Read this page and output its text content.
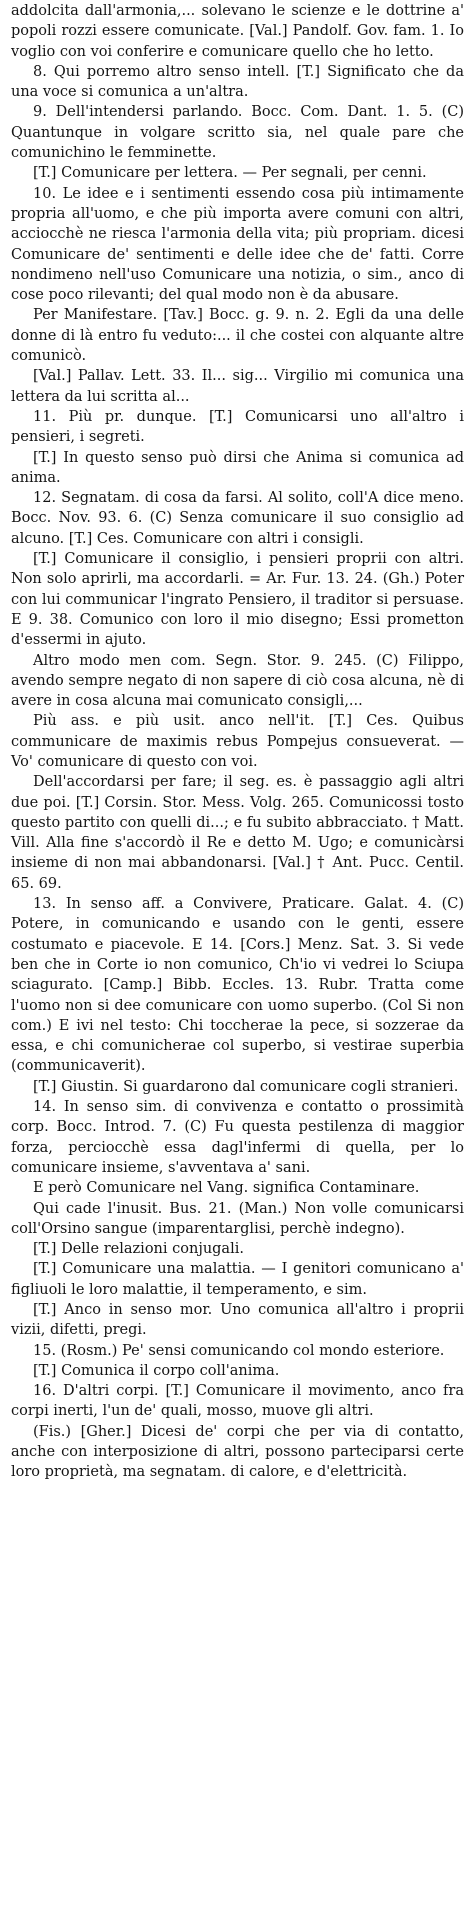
addolcita dall'armonia,... solevano le scienze e le dottrine a' popoli rozzi essere comunicate. [Val.] Pandolf. Gov. fam. 1. Io voglio con voi conferire e comunicare quello che ho letto.

8. Qui porremo altro senso intell. [T.] Significato che da una voce si comunica a un'altra.

9. Dell'intendersi parlando. Bocc. Com. Dant. 1. 5. (C) Quantunque in volgare scritto sia, nel quale pare che comunichino le femminette.

[T.] Comunicare per lettera. — Per segnali, per cenni.

10. Le idee e i sentimenti essendo cosa più intimamente propria all'uomo, e che più importa avere comuni con altri, acciocchè ne riesca l'armonia della vita; più propriam. dicesi Comunicare de' sentimenti e delle idee che de' fatti. Corre nondimeno nell'uso Comunicare una notizia, o sim., anco di cose poco rilevanti; del qual modo non è da abusare.

Per Manifestare. [Tav.] Bocc. g. 9. n. 2. Egli da una delle donne di là entro fu veduto:... il che costei con alquante altre comunicò.

[Val.] Pallav. Lett. 33. Il... sig... Virgilio mi comunica una lettera da lui scritta al...

11. Più pr. dunque. [T.] Comunicarsi uno all'altro i pensieri, i segreti.

[T.] In questo senso può dirsi che Anima si comunica ad anima.

12. Segnatam. di cosa da farsi. Al solito, coll'A dice meno. Bocc. Nov. 93. 6. (C) Senza comunicare il suo consiglio ad alcuno. [T.] Ces. Comunicare con altri i consigli.

[T.] Comunicare il consiglio, i pensieri proprii con altri. Non solo aprirli, ma accordarli. = Ar. Fur. 13. 24. (Gh.) Poter con lui communicar l'ingrato Pensiero, il traditor si persuase. E 9. 38. Comunico con loro il mio disegno; Essi prometton d'essermi in ajuto.

Altro modo men com. Segn. Stor. 9. 245. (C) Filippo, avendo sempre negato di non sapere di ciò cosa alcuna, nè di avere in cosa alcuna mai comunicato consigli,...

Più ass. e più usit. anco nell'it. [T.] Ces. Quibus communicare de maximis rebus Pompejus consueverat. — Vo' comunicare di questo con voi.

Dell'accordarsi per fare; il seg. es. è passaggio agli altri due poi. [T.] Corsin. Stor. Mess. Volg. 265. Comunicossi tosto questo partito con quelli di...; e fu subito abbracciato. † Matt. Vill. Alla fine s'accordò il Re e detto M. Ugo; e comunicàrsi insieme di non mai abbandonarsi. [Val.] † Ant. Pucc. Centil. 65. 69.

13. In senso aff. a Convivere, Praticare. Galat. 4. (C) Potere, in comunicando e usando con le genti, essere costumato e piacevole. E 14. [Cors.] Menz. Sat. 3. Si vede ben che in Corte io non comunico, Ch'io vi vedrei lo Sciupa sciagurato. [Camp.] Bibb. Eccles. 13. Rubr. Tratta come l'uomo non si dee comunicare con uomo superbo. (Col Si non com.) E ivi nel testo: Chi toccherae la pece, si sozzerae da essa, e chi comunicherae col superbo, si vestirae superbia (communicaverit).

[T.] Giustin. Si guardarono dal comunicare cogli stranieri.

14. In senso sim. di convivenza e contatto o prossimità corp. Bocc. Introd. 7. (C) Fu questa pestilenza di maggior forza, perciocchè essa dagl'infermi di quella, per lo comunicare insieme, s'avventava a' sani.

E però Comunicare nel Vang. significa Contaminare.

Qui cade l'inusit. Bus. 21. (Man.) Non volle comunicarsi coll'Orsino sangue (imparentarglisi, perchè indegno).

[T.] Delle relazioni conjugali.

[T.] Comunicare una malattia. — I genitori comunicano a' figliuoli le loro malattie, il temperamento, e sim.

[T.] Anco in senso mor. Uno comunica all'altro i proprii vizii, difetti, pregi.

15. (Rosm.) Pe' sensi comunicando col mondo esteriore.

[T.] Comunica il corpo coll'anima.

16. D'altri corpi. [T.] Comunicare il movimento, anco fra corpi inerti, l'un de' quali, mosso, muove gli altri.

(Fis.) [Gher.] Dicesi de' corpi che per via di contatto, anche con interposizione di altri, possono parteciparsi certe loro proprietà, ma segnatam. di calore, e d'elettricità.
